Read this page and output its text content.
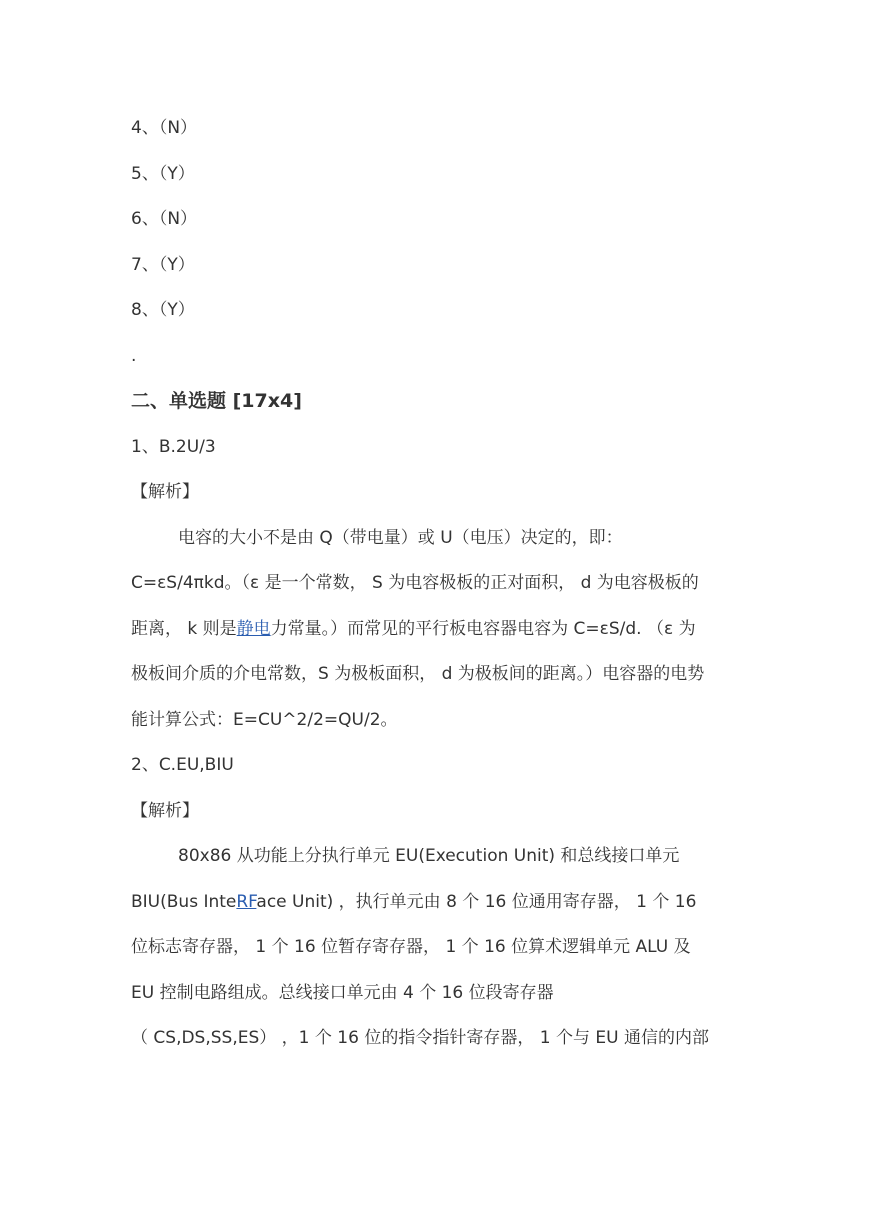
4、（N）
5、（Y）
6、（N）
7、（Y）
8、（Y）
.
二、单选题 [17x4]
1、B.2U/3
【解析】
电容的大小不是由 Q（带电量）或 U（电压）决定的，即：
C=εS/4πkd。（ε 是一个常数， S 为电容极板的正对面积， d 为电容极板的
距离， k 则是静电力常量。）而常见的平行板电容器电容为 C=εS/d. （ε 为
极板间介质的介电常数，S 为极板面积， d 为极板间的距离。）电容器的电势
能计算公式：E=CU^2/2=QU/2。
2、C.EU,BIU
【解析】
80x86 从功能上分执行单元 EU(Execution Unit) 和总线接口单元
BIU(Bus InteRFace Unit) ，执行单元由 8 个 16 位通用寄存器， 1 个 16
位标志寄存器， 1 个 16 位暂存寄存器， 1 个 16 位算术逻辑单元 ALU 及
EU 控制电路组成。总线接口单元由 4 个 16 位段寄存器
（ CS,DS,SS,ES） ，1 个 16 位的指令指针寄存器， 1 个与 EU 通信的内部
